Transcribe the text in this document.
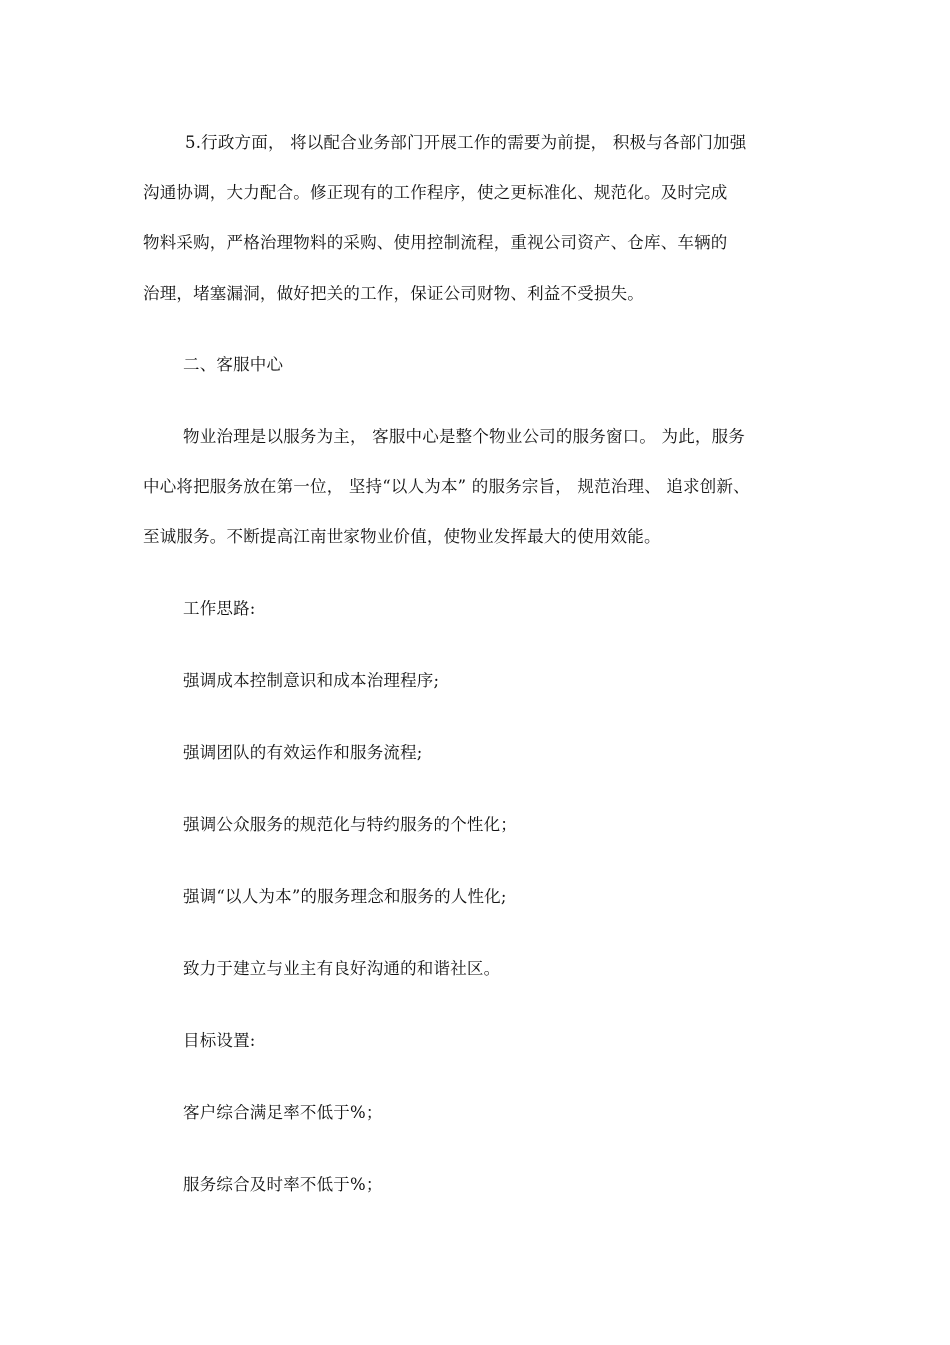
5.行政方面， 将以配合业务部门开展工作的需要为前提， 积极与各部门加强
沟通协调，大力配合。修正现有的工作程序，使之更标准化、规范化。及时完成
物料采购，严格治理物料的采购、使用控制流程，重视公司资产、仓库、车辆的
治理，堵塞漏洞，做好把关的工作，保证公司财物、利益不受损失。
二、客服中心
物业治理是以服务为主， 客服中心是整个物业公司的服务窗口。 为此，服务
中心将把服务放在第一位， 坚持“以人为本” 的服务宗旨， 规范治理、 追求创新、
至诚服务。不断提高江南世家物业价值，使物业发挥最大的使用效能。
工作思路:
强调成本控制意识和成本治理程序;
强调团队的有效运作和服务流程;
强调公众服务的规范化与特约服务的个性化；
强调“以人为本”的服务理念和服务的人性化;
致力于建立与业主有良好沟通的和谐社区。
目标设置:
客户综合满足率不低于%；
服务综合及时率不低于%；
